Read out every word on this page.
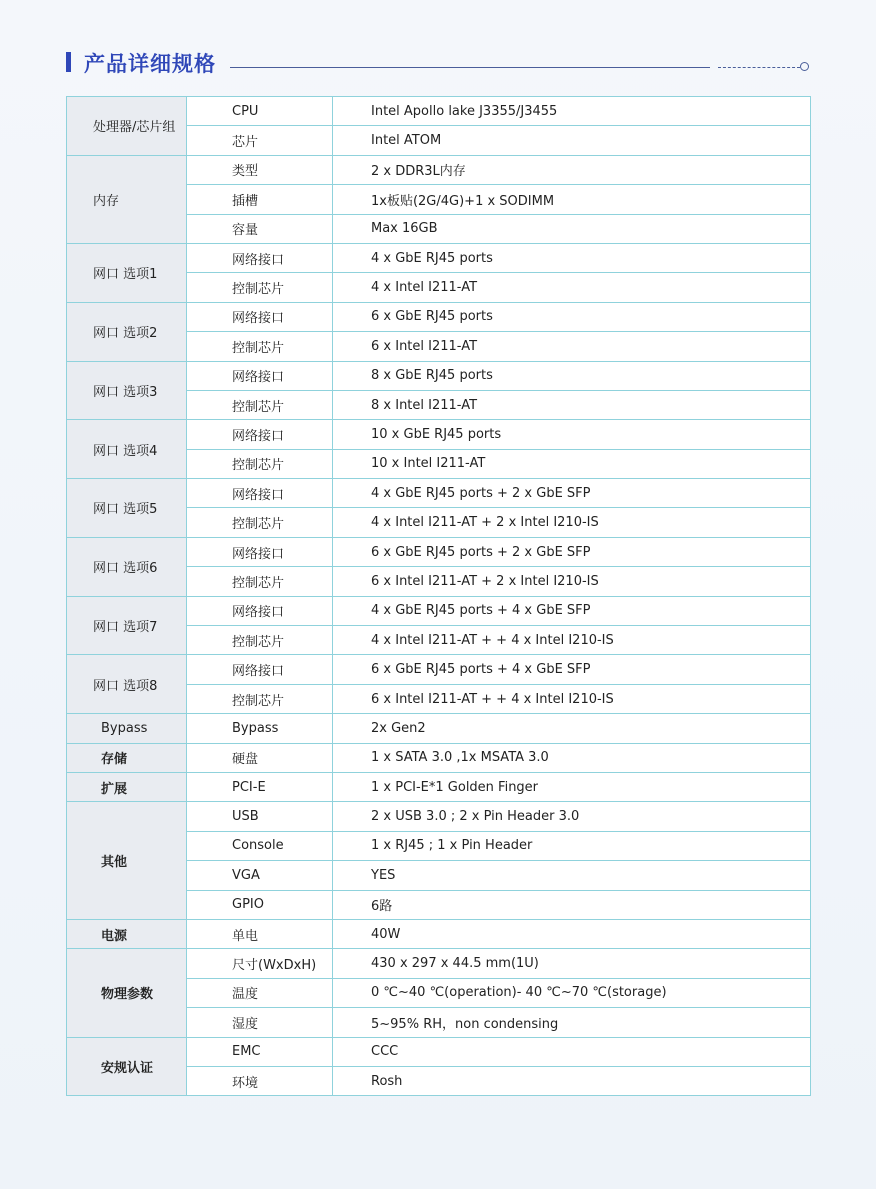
产品详细规格
处理器/芯片组	CPU	Intel Apollo lake J3355/J3455
	芯片	Intel ATOM
内存	类型	2 x DDR3L内存
	插槽	1x板贴(2G/4G)+1 x SODIMM
	容量	Max 16GB
网口 选项1	网络接口	4 x GbE RJ45 ports
	控制芯片	4 x Intel I211-AT
网口 选项2	网络接口	6 x GbE RJ45 ports
	控制芯片	6 x Intel I211-AT
网口 选项3	网络接口	8 x GbE RJ45 ports
	控制芯片	8 x Intel I211-AT
网口 选项4	网络接口	10 x GbE RJ45 ports
	控制芯片	10 x Intel I211-AT
网口 选项5	网络接口	4 x GbE RJ45 ports + 2 x GbE SFP
	控制芯片	4 x Intel I211-AT + 2 x Intel I210-IS
网口 选项6	网络接口	6 x GbE RJ45 ports + 2 x GbE SFP
	控制芯片	6 x Intel I211-AT + 2 x Intel I210-IS
网口 选项7	网络接口	4 x GbE RJ45 ports + 4 x GbE SFP
	控制芯片	4 x Intel I211-AT + + 4 x Intel I210-IS
网口 选项8	网络接口	6 x GbE RJ45 ports + 4 x GbE SFP
	控制芯片	6 x Intel I211-AT + + 4 x Intel I210-IS
Bypass	Bypass	2x Gen2
存储	硬盘	1 x SATA 3.0 ,1x MSATA 3.0
扩展	PCI-E	1 x PCI-E*1 Golden Finger
其他	USB	2 x USB 3.0 ; 2 x Pin Header 3.0
	Console	1 x RJ45 ; 1 x Pin Header
	VGA	YES
	GPIO	6路
电源	单电	40W
物理参数	尺寸(WxDxH)	430 x 297 x 44.5 mm(1U)
	温度	0 ℃~40 ℃(operation)- 40 ℃~70 ℃(storage)
	湿度	5~95% RH，non condensing
安规认证	EMC	CCC
	环境	Rosh
